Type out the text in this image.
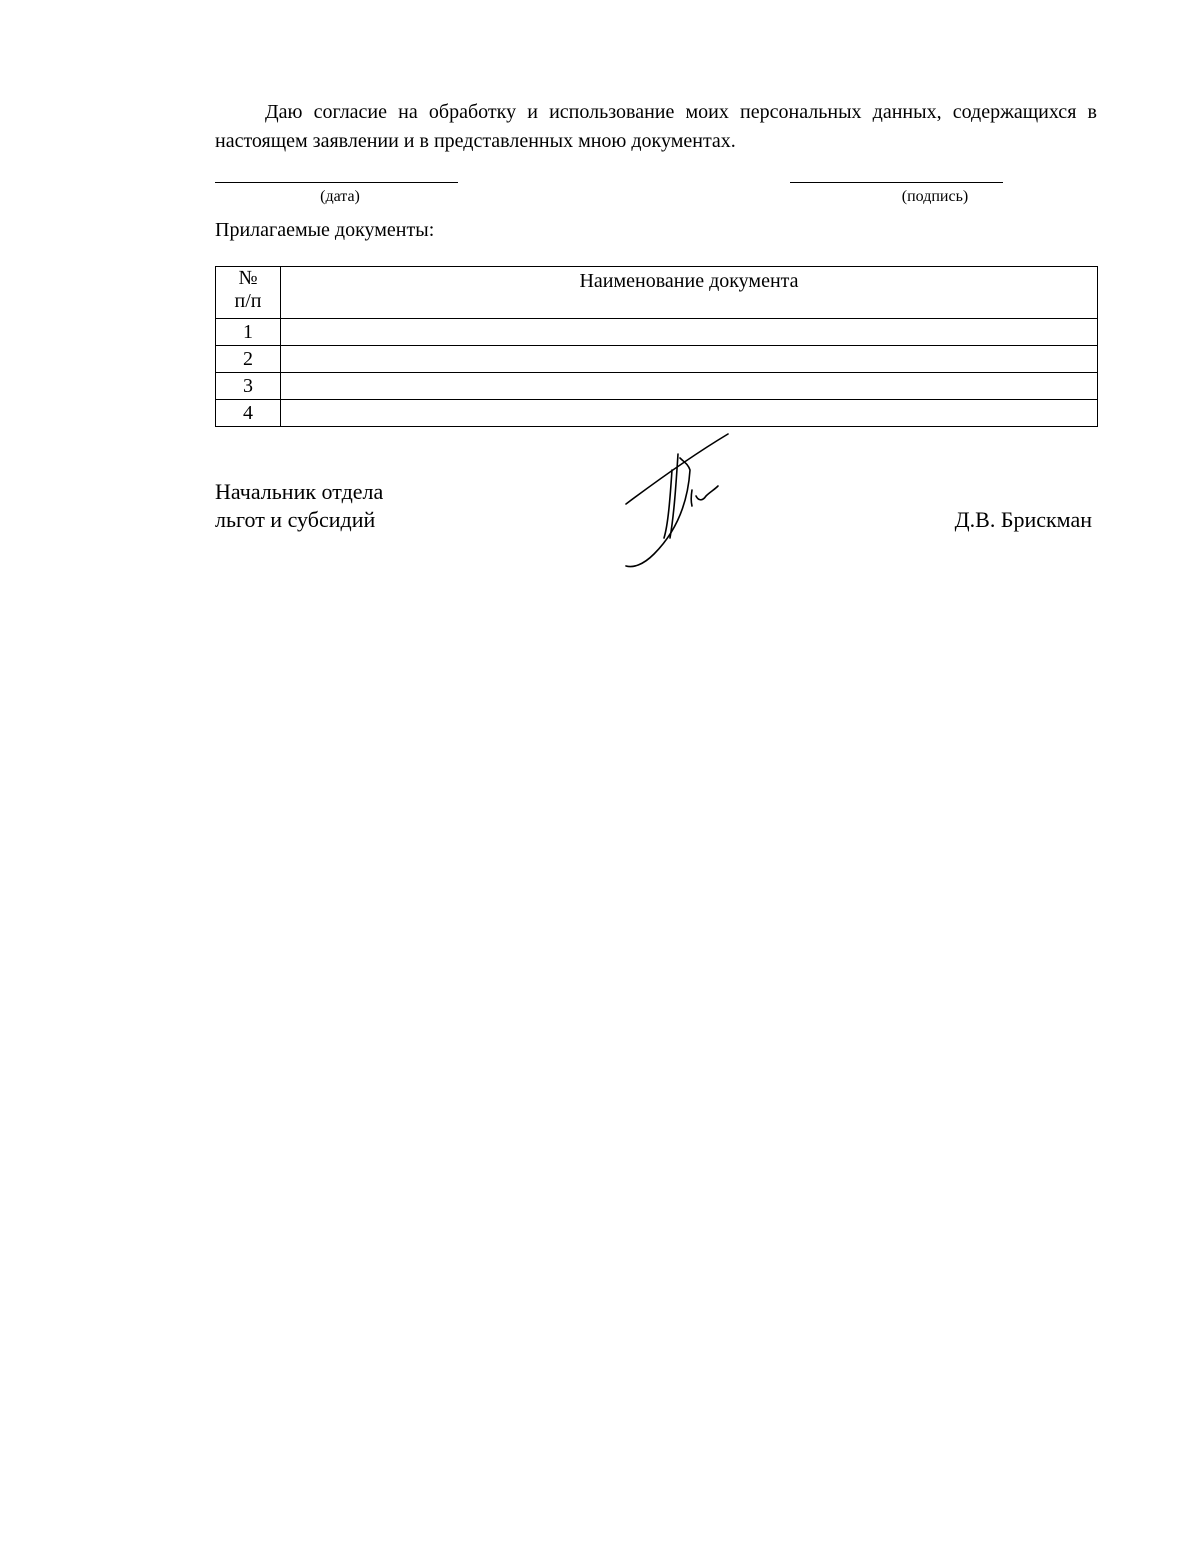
Даю согласие на обработку и использование моих персональных данных, содержащихся в настоящем заявлении и в представленных мною документах.

(дата)	(подпись)

Прилагаемые документы:

№
п/п	Наименование документа
1	
2	
3	
4	

Начальник отдела

льгот и субсидий	Д.В. Брискман
